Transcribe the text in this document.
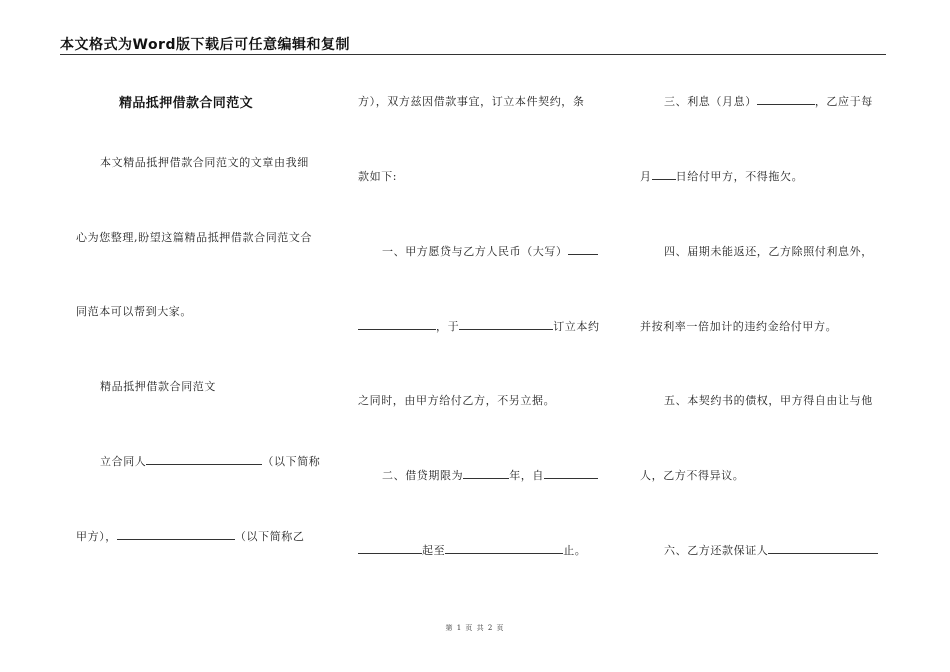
本文格式为Word版下载后可任意编辑和复制
精品抵押借款合同范文
本文精品抵押借款合同范文的文章由我细
心为您整理,盼望这篇精品抵押借款合同范文合
同范本可以帮到大家。
精品抵押借款合同范文
立合同人	（以下简称
甲方），	（以下简称乙
方），双方兹因借款事宜，订立本件契约，条
款如下:
一、甲方愿贷与乙方人民币（大写）
，于	订立本约
之同时，由甲方给付乙方，不另立据。
二、借贷期限为	年，自
起至	止。
三、利息（月息）	，乙应于每
月 日给付甲方，不得拖欠。
四、届期未能返还，乙方除照付利息外，
并按利率一倍加计的违约金给付甲方。
五、本契约书的债权，甲方得自由让与他
人，乙方不得异议。
六、乙方还款保证人
第 1 页 共 2 页
